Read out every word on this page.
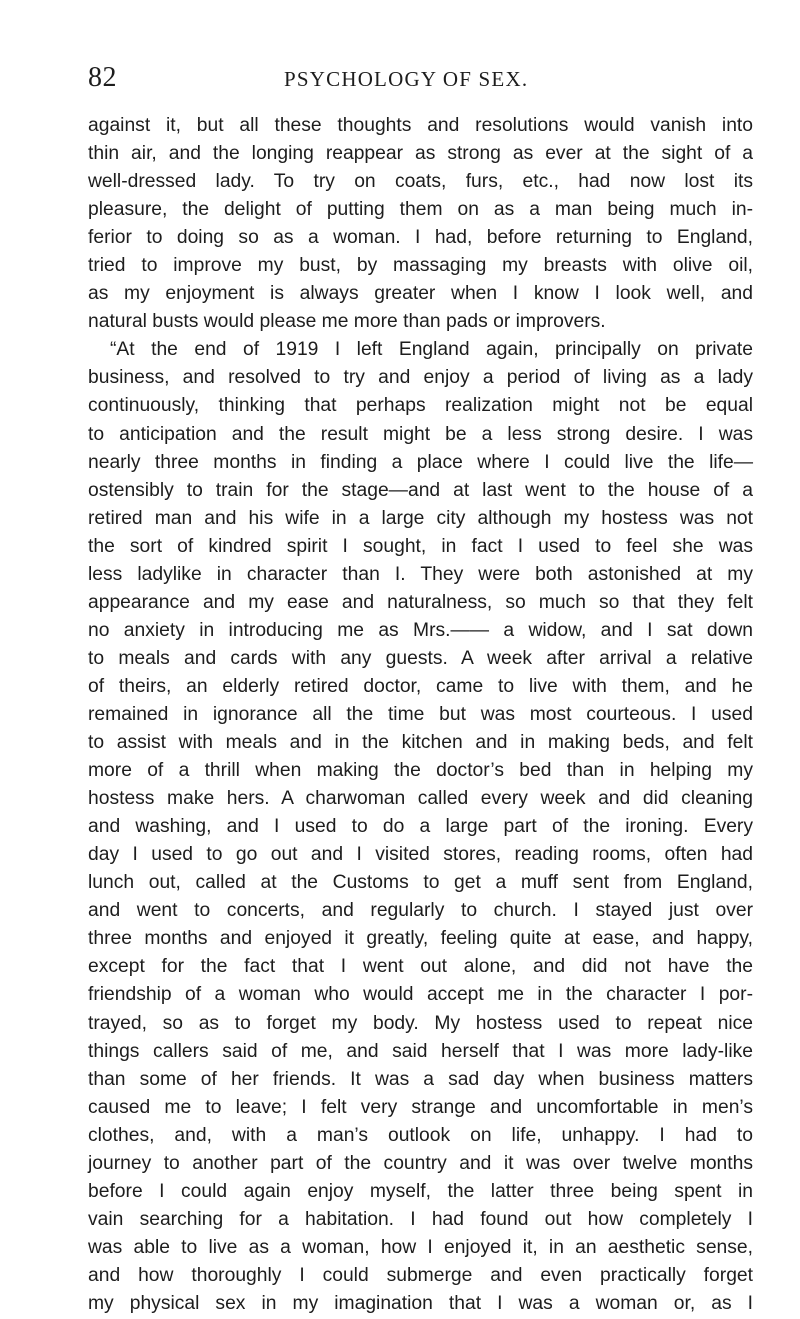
82	PSYCHOLOGY OF SEX.
against it, but all these thoughts and resolutions would vanish into
thin air, and the longing reappear as strong as ever at the sight of a
well-dressed lady. To try on coats, furs, etc., had now lost its
pleasure, the delight of putting them on as a man being much in-
ferior to doing so as a woman. I had, before returning to England,
tried to improve my bust, by massaging my breasts with olive oil,
as my enjoyment is always greater when I know I look well, and
natural busts would please me more than pads or improvers.
“At the end of 1919 I left England again, principally on private
business, and resolved to try and enjoy a period of living as a lady
continuously, thinking that perhaps realization might not be equal
to anticipation and the result might be a less strong desire. I was
nearly three months in finding a place where I could live the life—
ostensibly to train for the stage—and at last went to the house of a
retired man and his wife in a large city although my hostess was not
the sort of kindred spirit I sought, in fact I used to feel she was
less ladylike in character than I. They were both astonished at my
appearance and my ease and naturalness, so much so that they felt
no anxiety in introducing me as Mrs.—— a widow, and I sat down
to meals and cards with any guests. A week after arrival a relative
of theirs, an elderly retired doctor, came to live with them, and he
remained in ignorance all the time but was most courteous. I used
to assist with meals and in the kitchen and in making beds, and felt
more of a thrill when making the doctor’s bed than in helping my
hostess make hers. A charwoman called every week and did cleaning
and washing, and I used to do a large part of the ironing. Every
day I used to go out and I visited stores, reading rooms, often had
lunch out, called at the Customs to get a muff sent from England,
and went to concerts, and regularly to church. I stayed just over
three months and enjoyed it greatly, feeling quite at ease, and happy,
except for the fact that I went out alone, and did not have the
friendship of a woman who would accept me in the character I por-
trayed, so as to forget my body. My hostess used to repeat nice
things callers said of me, and said herself that I was more lady-like
than some of her friends. It was a sad day when business matters
caused me to leave; I felt very strange and uncomfortable in men’s
clothes, and, with a man’s outlook on life, unhappy. I had to
journey to another part of the country and it was over twelve months
before I could again enjoy myself, the latter three being spent in
vain searching for a habitation. I had found out how completely I
was able to live as a woman, how I enjoyed it, in an aesthetic sense,
and how thoroughly I could submerge and even practically forget
my physical sex in my imagination that I was a woman or, as I
